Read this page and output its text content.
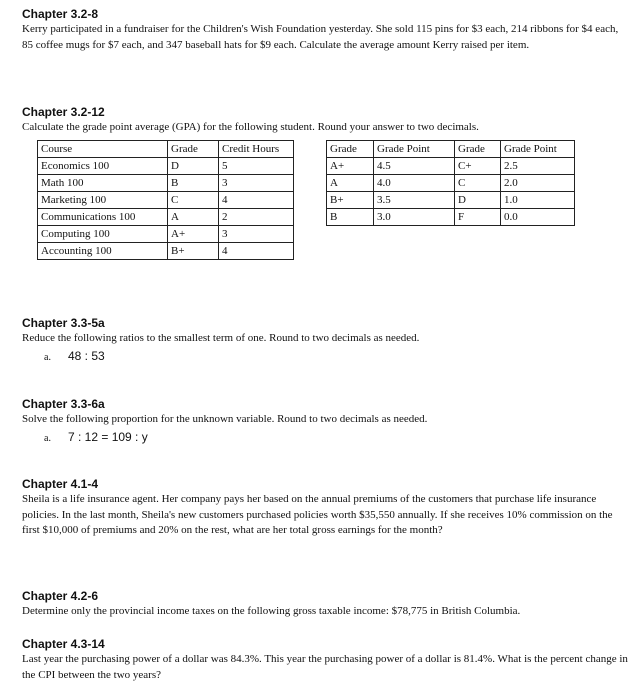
Chapter 3.2-8
Kerry participated in a fundraiser for the Children's Wish Foundation yesterday. She sold 115 pins for $3 each, 214 ribbons for $4 each, 85 coffee mugs for $7 each, and 347 baseball hats for $9 each. Calculate the average amount Kerry raised per item.
Chapter 3.2-12
Calculate the grade point average (GPA) for the following student. Round your answer to two decimals.
Course	Grade	Credit Hours
Economics 100	D	5
Math 100	B	3
Marketing 100	C	4
Communications 100	A	2
Computing 100	A+	3
Accounting 100	B+	4
Grade	Grade Point	Grade	Grade Point
A+	4.5	C+	2.5
A	4.0	C	2.0
B+	3.5	D	1.0
B	3.0	F	0.0
Chapter 3.3-5a
Reduce the following ratios to the smallest term of one. Round to two decimals as needed.
a. 48 : 53
Chapter 3.3-6a
Solve the following proportion for the unknown variable. Round to two decimals as needed.
a. 7 : 12 = 109 : y
Chapter 4.1-4
Sheila is a life insurance agent. Her company pays her based on the annual premiums of the customers that purchase life insurance policies. In the last month, Sheila's new customers purchased policies worth $35,550 annually. If she receives 10% commission on the first $10,000 of premiums and 20% on the rest, what are her total gross earnings for the month?
Chapter 4.2-6
Determine only the provincial income taxes on the following gross taxable income: $78,775 in British Columbia.
Chapter 4.3-14
Last year the purchasing power of a dollar was 84.3%. This year the purchasing power of a dollar is 81.4%. What is the percent change in the CPI between the two years?
